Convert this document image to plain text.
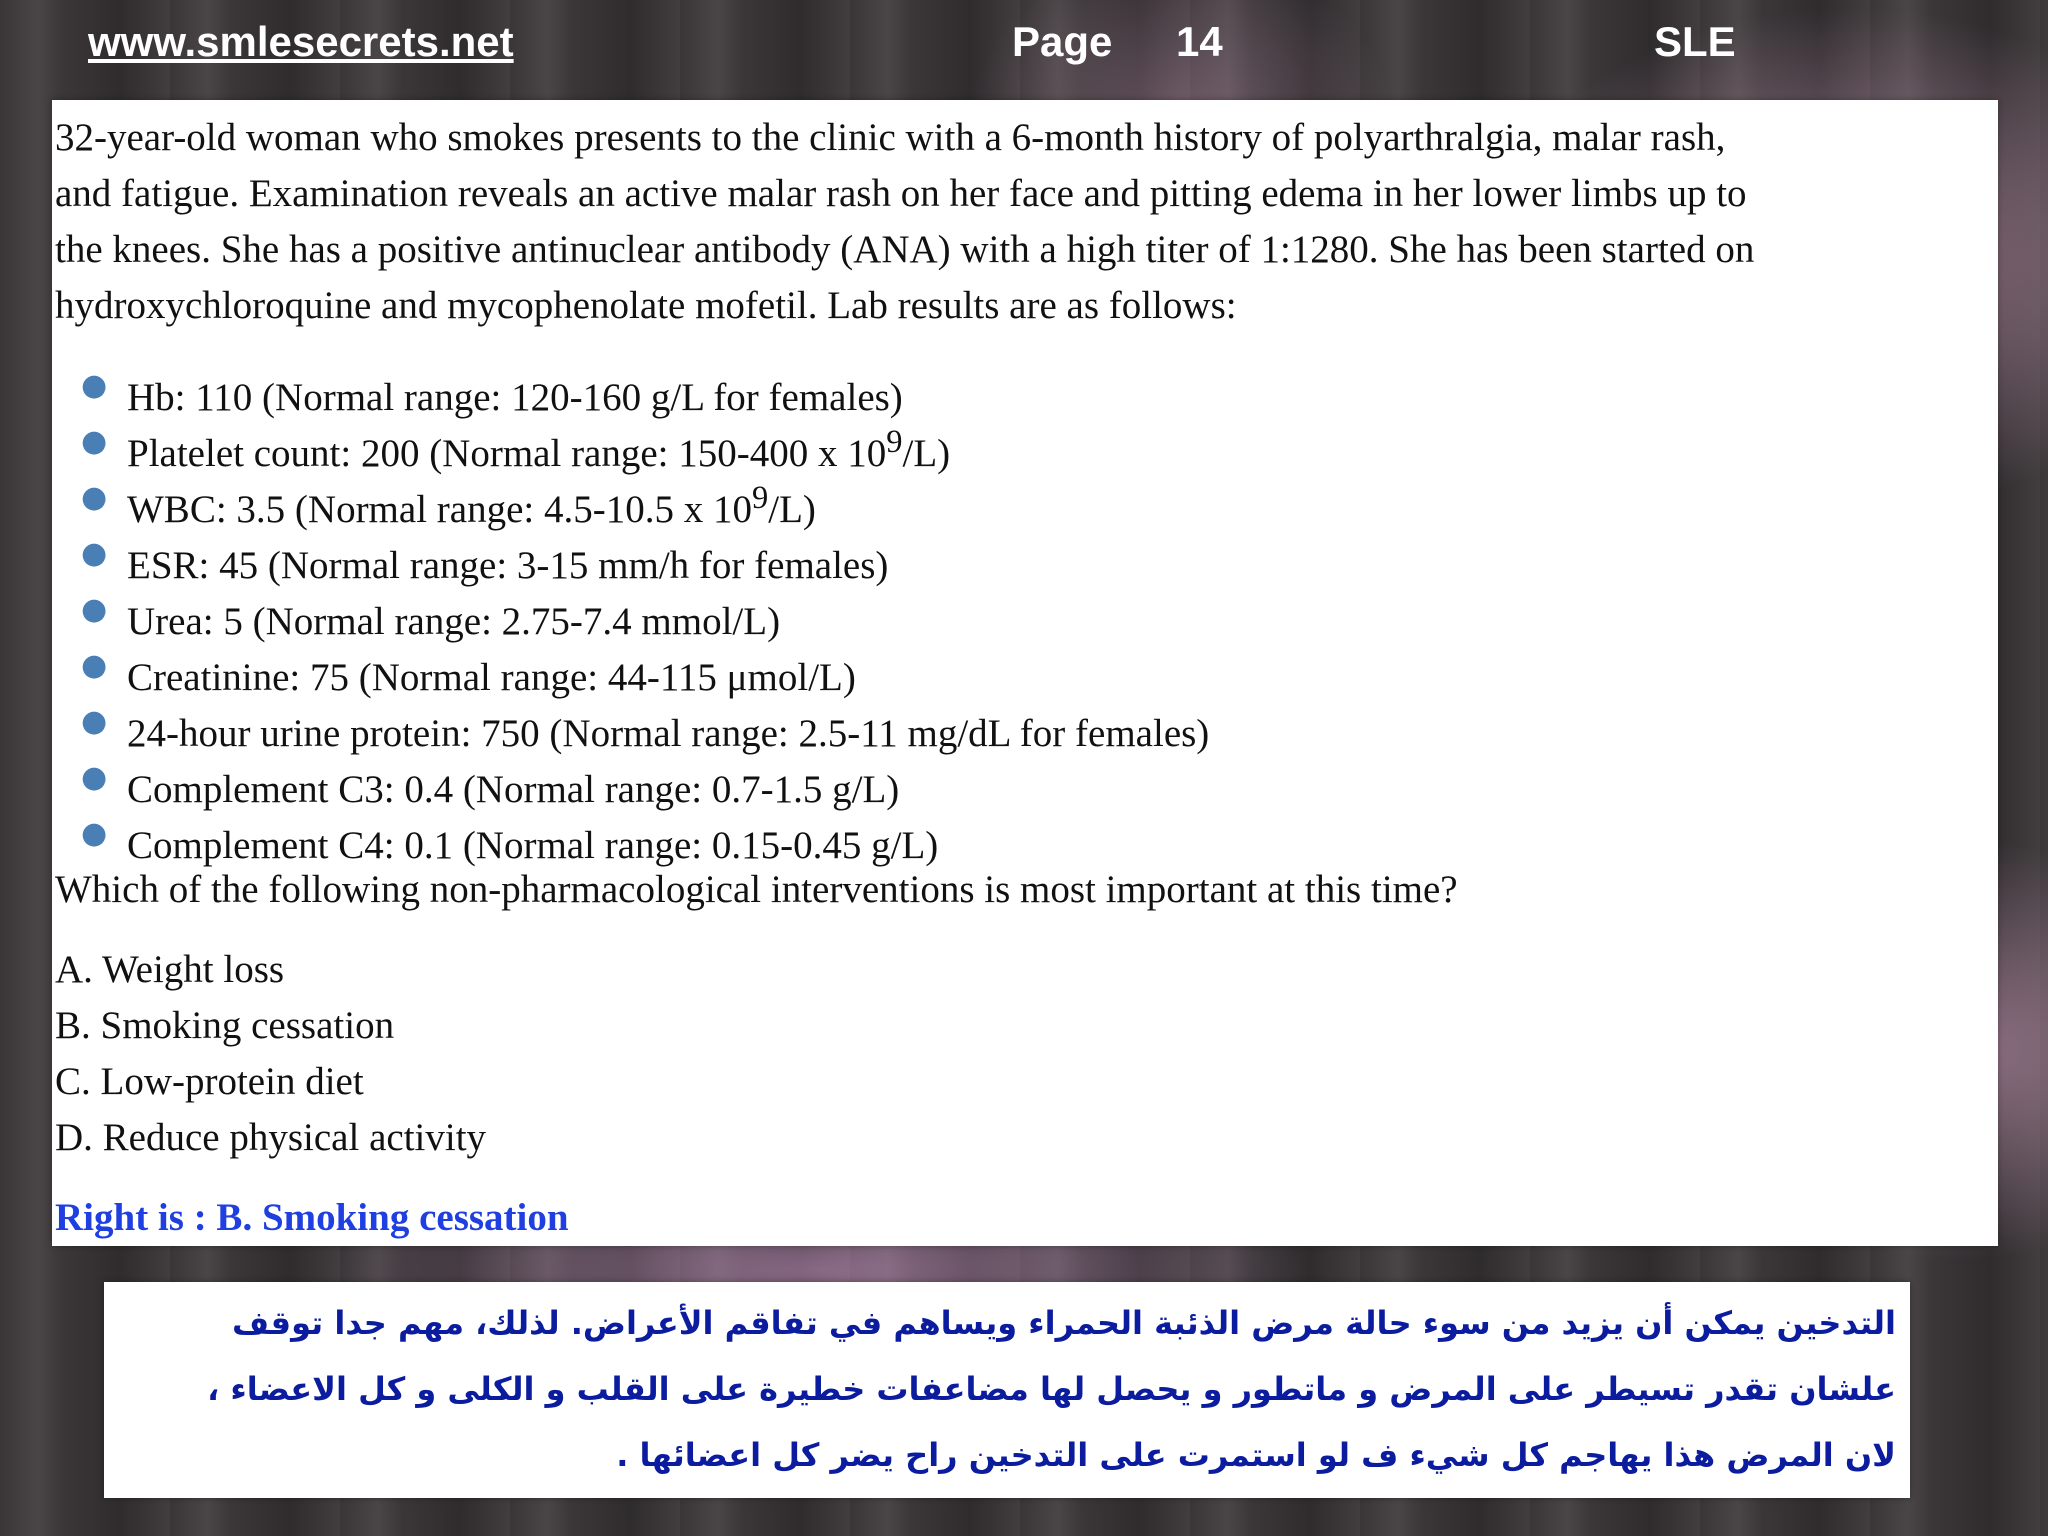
www.smlesecrets.net	Page 14	SLE
32-year-old woman who smokes presents to the clinic with a 6-month history of polyarthralgia, malar rash,
and fatigue. Examination reveals an active malar rash on her face and pitting edema in her lower limbs up to
the knees. She has a positive antinuclear antibody (ANA) with a high titer of 1:1280. She has been started on
hydroxychloroquine and mycophenolate mofetil. Lab results are as follows:
● Hb: 110 (Normal range: 120-160 g/L for females)
● Platelet count: 200 (Normal range: 150-400 x $10^9/L$)
● WBC: 3.5 (Normal range: 4.5-10.5 x $10^9/L$)
● ESR: 45 (Normal range: 3-15 mm/h for females)
● Urea: 5 (Normal range: 2.75-7.4 mmol/L)
● Creatinine: 75 (Normal range: 44-115 μmol/L)
● 24-hour urine protein: 750 (Normal range: 2.5-11 mg/dL for females)
● Complement C3: 0.4 (Normal range: 0.7-1.5 g/L)
● Complement C4: 0.1 (Normal range: 0.15-0.45 g/L)
Which of the following non-pharmacological interventions is most important at this time?
A. Weight loss
B. Smoking cessation
C. Low-protein diet
D. Reduce physical activity
Right is : B. Smoking cessation
التدخين يمكن أن يزيد من سوء حالة مرض الذئبة الحمراء ويساهم في تفاقم الأعراض. لذلك، مهم جدا توقف
علشان تقدر تسيطر على المرض و ماتطور و يحصل لها مضاعفات خطيرة على القلب و الكلى و كل الاعضاء ،
لان المرض هذا يهاجم كل شيء ف لو استمرت على التدخين راح يضر كل اعضائها .
